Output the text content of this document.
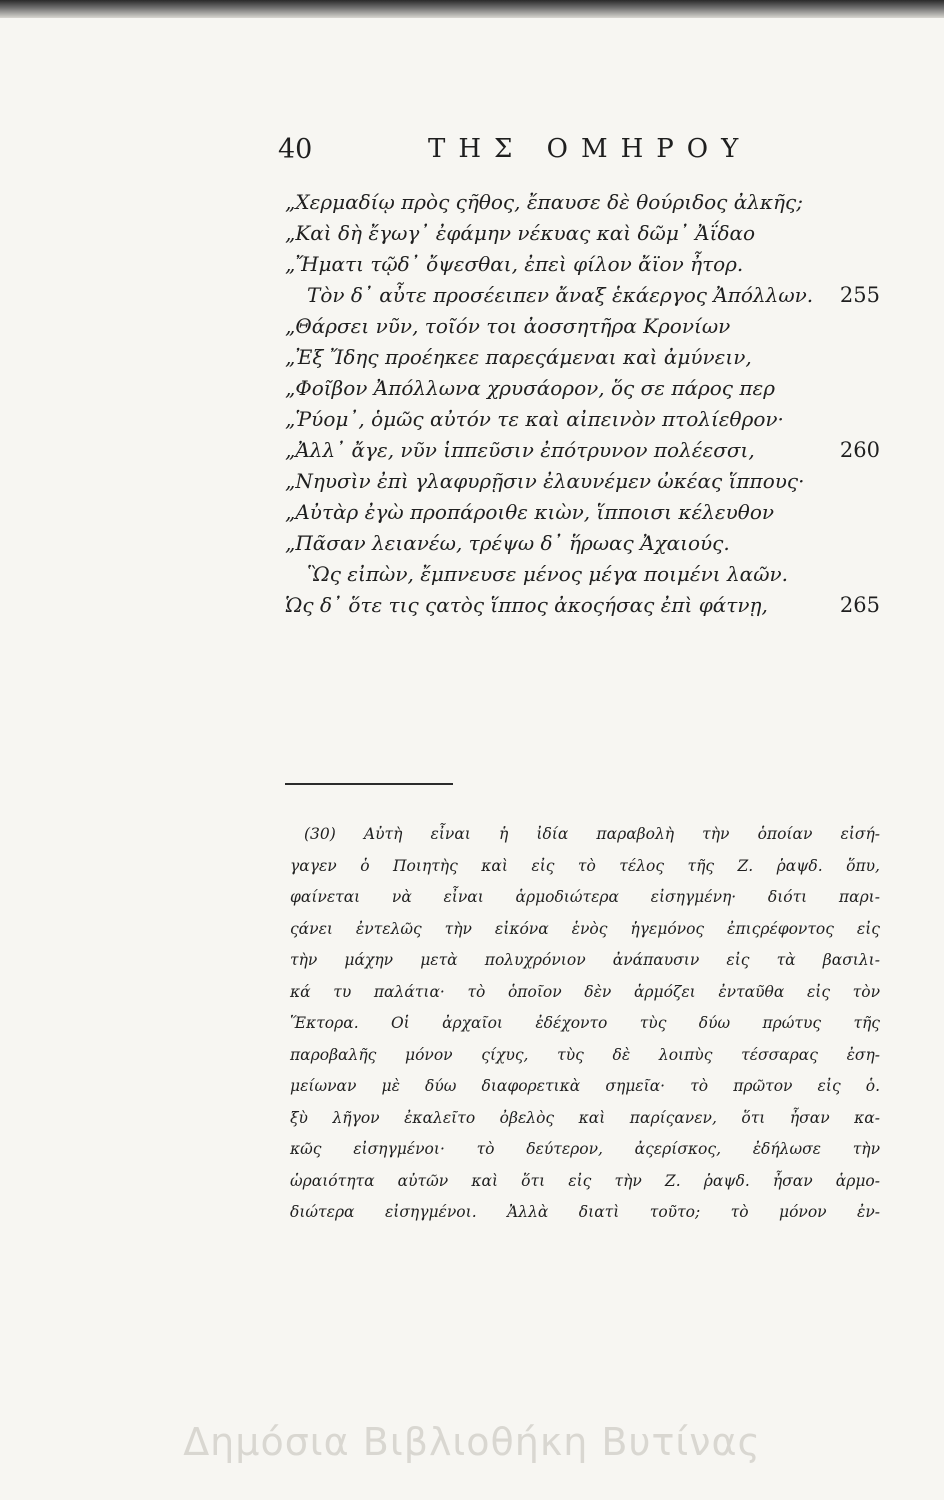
40	ΤΗΣ ΟΜΗΡΟΥ
„Χερμαδίῳ πρὸς ςῆθος, ἔπαυσε δὲ θούριδος ἀλκῆς;
„Καὶ δὴ ἔγωγ᾽ ἐφάμην νέκυας καὶ δῶμ᾽ Ἀΐδαο
„Ἤματι τῷδ᾽ ὄψεσθαι, ἐπεὶ φίλον ἄϊον ἦτορ.
Τὸν δ᾽ αὖτε προσέειπεν ἄναξ ἑκάεργος Ἀπόλλων. 255
„Θάρσει νῦν, τοῖόν τοι ἀοσσητῆρα Κρονίων
„Ἐξ Ἴδης προέηκεε παρεςάμεναι καὶ ἀμύνειν,
„Φοῖβον Ἀπόλλωνα χρυσάορον, ὅς σε πάρος περ
„Ῥύομ᾽, ὁμῶς αὐτόν τε καὶ αἰπεινὸν πτολίεθρον·
„Ἀλλ᾽ ἄγε, νῦν ἱππεῦσιν ἐπότρυνον πολέεσσι,	260
„Νηυσὶν ἐπὶ γλαφυρῇσιν ἐλαυνέμεν ὠκέας ἵππους·
„Αὐτὰρ ἐγὼ προπάροιθε κιὼν, ἵπποισι κέλευθον
„Πᾶσαν λειανέω, τρέψω δ᾽ ἥρωας Ἀχαιούς.
Ὣς εἰπὼν, ἔμπνευσε μένος μέγα ποιμένι λαῶν.
Ὡς δ᾽ ὅτε τις ςατὸς ἵππος ἀκοςήσας ἐπὶ φάτνῃ,	265
(30) Αὐτὴ εἶναι ἡ ἰδία παραβολὴ τὴν ὁποίαν εἰσή-
γαγεν ὁ Ποιητὴς καὶ εἰς τὸ τέλος τῆς Ζ. ῥαψδ. ὅπυ,
φαίνεται νὰ εἶναι ἁρμοδιώτερα εἰσηγμένη· διότι παρι-
ςάνει ἐντελῶς τὴν εἰκόνα ἑνὸς ἡγεμόνος ἐπιςρέφοντος εἰς
τὴν μάχην μετὰ πολυχρόνιον ἀνάπαυσιν εἰς τὰ βασιλι-
κά τυ παλάτια· τὸ ὁποῖον δὲν ἁρμόζει ἐνταῦθα εἰς τὸν
Ἕκτορα. Οἱ ἀρχαῖοι ἐδέχοντο τὺς δύω πρώτυς τῆς
παροβαλῆς μόνον ςίχυς, τὺς δὲ λοιπὺς τέσσαρας ἐση-
μείωναν μὲ δύω διαφορετικὰ σημεῖα· τὸ πρῶτον εἰς ὁ.
ξὺ λῆγον ἐκαλεῖτο ὀβελὸς καὶ παρίςανεν, ὅτι ἦσαν κα-
κῶς εἰσηγμένοι· τὸ δεύτερον, ἀςερίσκος, ἐδήλωσε τὴν
ὡραιότητα αὐτῶν καὶ ὅτι εἰς τὴν Ζ. ῥαψδ. ἦσαν ἁρμο-
διώτερα εἰσηγμένοι. Ἀλλὰ διατὶ τοῦτο; τὸ μόνον ἐν-
Δημόσια Βιβλιοθήκη Βυτίνας
